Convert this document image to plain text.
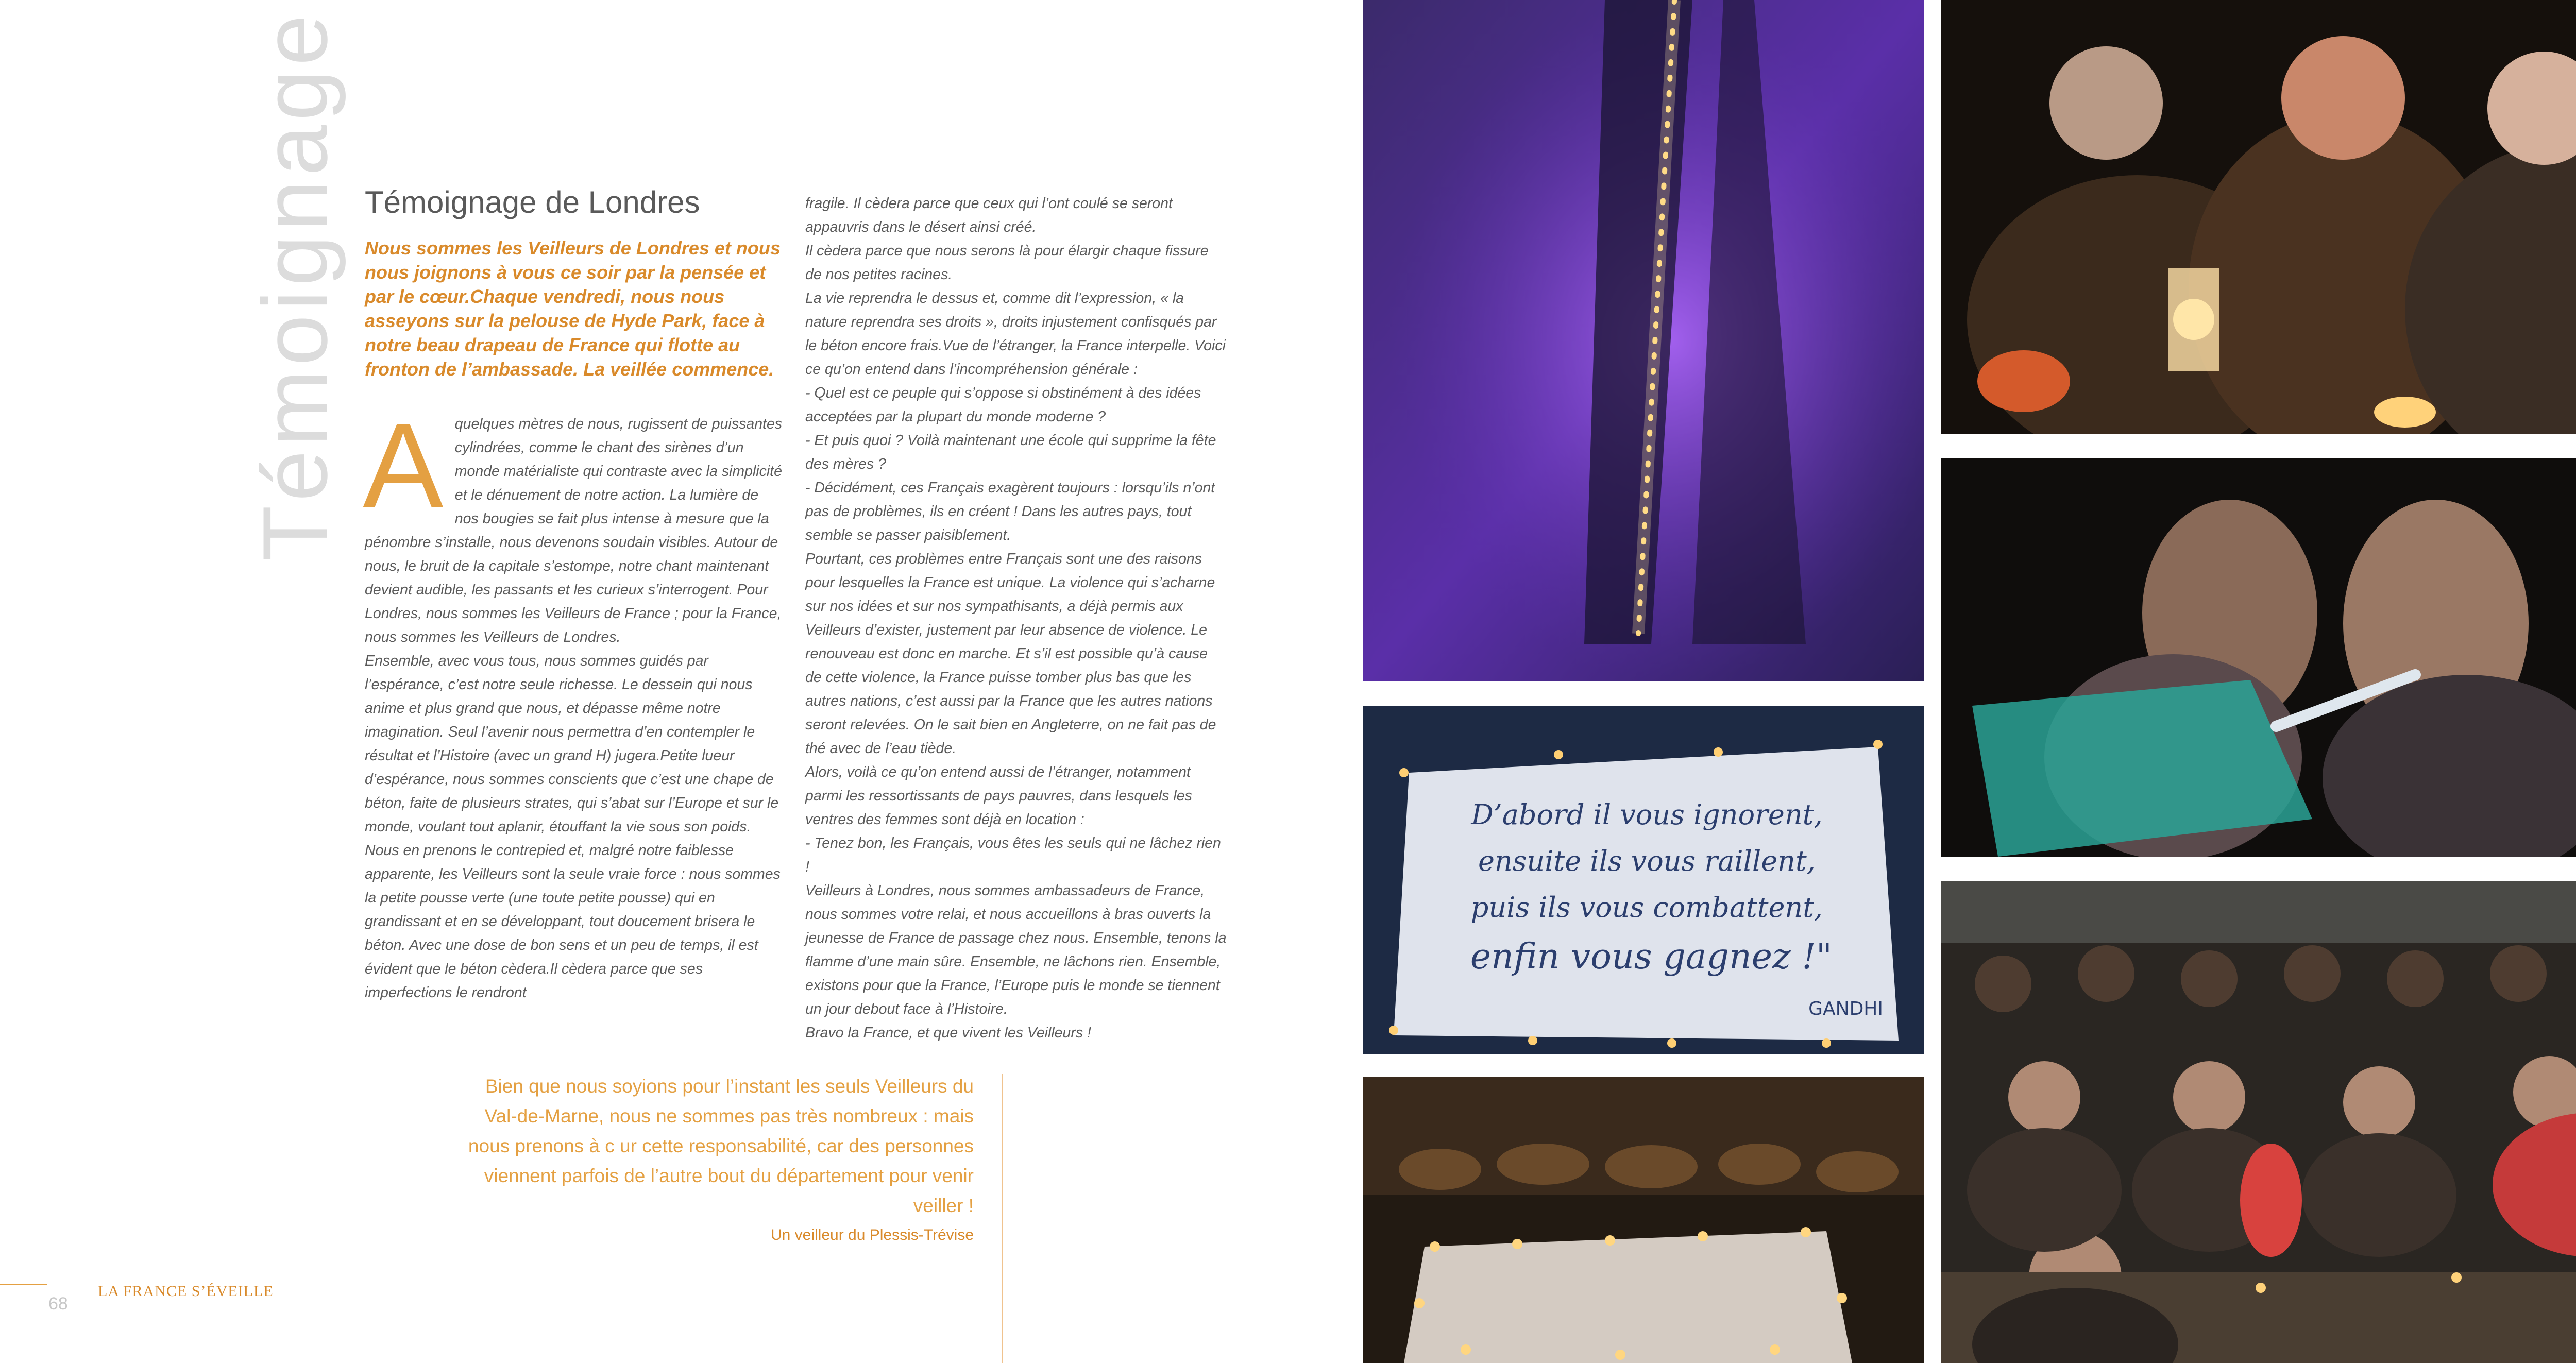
Témoignage Témoignage de Londres
Nous sommes les Veilleurs de Londres et nous nous joignons à vous ce soir par la pensée et par le cœur.Chaque vendredi, nous nous asseyons sur la pelouse de Hyde Park, face à notre beau drapeau de France qui flotte au fronton de l’ambassade. La veillée commence.
A quelques mètres de nous, rugissent de puissantes cylindrées, comme le chant des sirènes d’un monde matérialiste qui contraste avec la simplicité et le dénuement de notre action. La lumière de nos bougies se fait plus intense à mesure que la pénombre s’installe, nous devenons soudain visibles. Autour de nous, le bruit de la capitale s’estompe, notre chant maintenant devient audible, les passants et les curieux s’interrogent. Pour Londres, nous sommes les Veilleurs de France ; pour la France, nous sommes les Veilleurs de Londres.
Ensemble, avec vous tous, nous sommes guidés par l’espérance, c’est notre seule richesse. Le dessein qui nous anime et plus grand que nous, et dépasse même notre imagination. Seul l’avenir nous permettra d’en contempler le résultat et l’Histoire (avec un grand H) jugera.Petite lueur d’espérance, nous sommes conscients que c’est une chape de béton, faite de plusieurs strates, qui s’abat sur l’Europe et sur le monde, voulant tout aplanir, étouffant la vie sous son poids. Nous en prenons le contrepied et, malgré notre faiblesse apparente, les Veilleurs sont la seule vraie force : nous sommes la petite pousse verte (une toute petite pousse) qui en grandissant et en se développant, tout doucement brisera le béton. Avec une dose de bon sens et un peu de temps, il est évident que le béton cèdera.Il cèdera parce que ses imperfections le rendront
fragile. Il cèdera parce que ceux qui l’ont coulé se seront appauvris dans le désert ainsi créé.
Il cèdera parce que nous serons là pour élargir chaque fissure de nos petites racines.
La vie reprendra le dessus et, comme dit l’expression, « la nature reprendra ses droits », droits injustement confisqués par le béton encore frais.Vue de l’étranger, la France interpelle. Voici ce qu’on entend dans l’incompréhension générale :
- Quel est ce peuple qui s’oppose si obstinément à des idées acceptées par la plupart du monde moderne ?
- Et puis quoi ? Voilà maintenant une école qui supprime la fête des mères ?
- Décidément, ces Français exagèrent toujours : lorsqu’ils n’ont pas de problèmes, ils en créent ! Dans les autres pays, tout semble se passer paisiblement.
Pourtant, ces problèmes entre Français sont une des raisons pour lesquelles la France est unique. La violence qui s’acharne sur nos idées et sur nos sympathisants, a déjà permis aux Veilleurs d’exister, justement par leur absence de violence. Le renouveau est donc en marche. Et s’il est possible qu’à cause de cette violence, la France puisse tomber plus bas que les autres nations, c’est aussi par la France que les autres nations seront relevées. On le sait bien en Angleterre, on ne fait pas de thé avec de l’eau tiède.
Alors, voilà ce qu’on entend aussi de l’étranger, notamment parmi les ressortissants de pays pauvres, dans lesquels les ventres des femmes sont déjà en location :
- Tenez bon, les Français, vous êtes les seuls qui ne lâchez rien !
Veilleurs à Londres, nous sommes ambassadeurs de France, nous sommes votre relai, et nous accueillons à bras ouverts la jeunesse de France de passage chez nous. Ensemble, tenons la flamme d’une main sûre. Ensemble, ne lâchons rien. Ensemble, existons pour que la France, l’Europe puis le monde se tiennent un jour debout face à l’Histoire.
Bravo la France, et que vivent les Veilleurs !
Bien que nous soyions pour l’instant les seuls Veilleurs du Val-de-Marne, nous ne sommes pas très nombreux : mais nous prenons à c ur cette responsabilité, car des personnes viennent parfois de l’autre bout du département pour venir veiller !
Un veilleur du Plessis-Trévise
68
LA FRANCE S’ÉVEILLE
D’abord il vous ignorent, ensuite ils vous raillent, puis ils vous combattent, enfin vous gagnez !"
GANDHI
